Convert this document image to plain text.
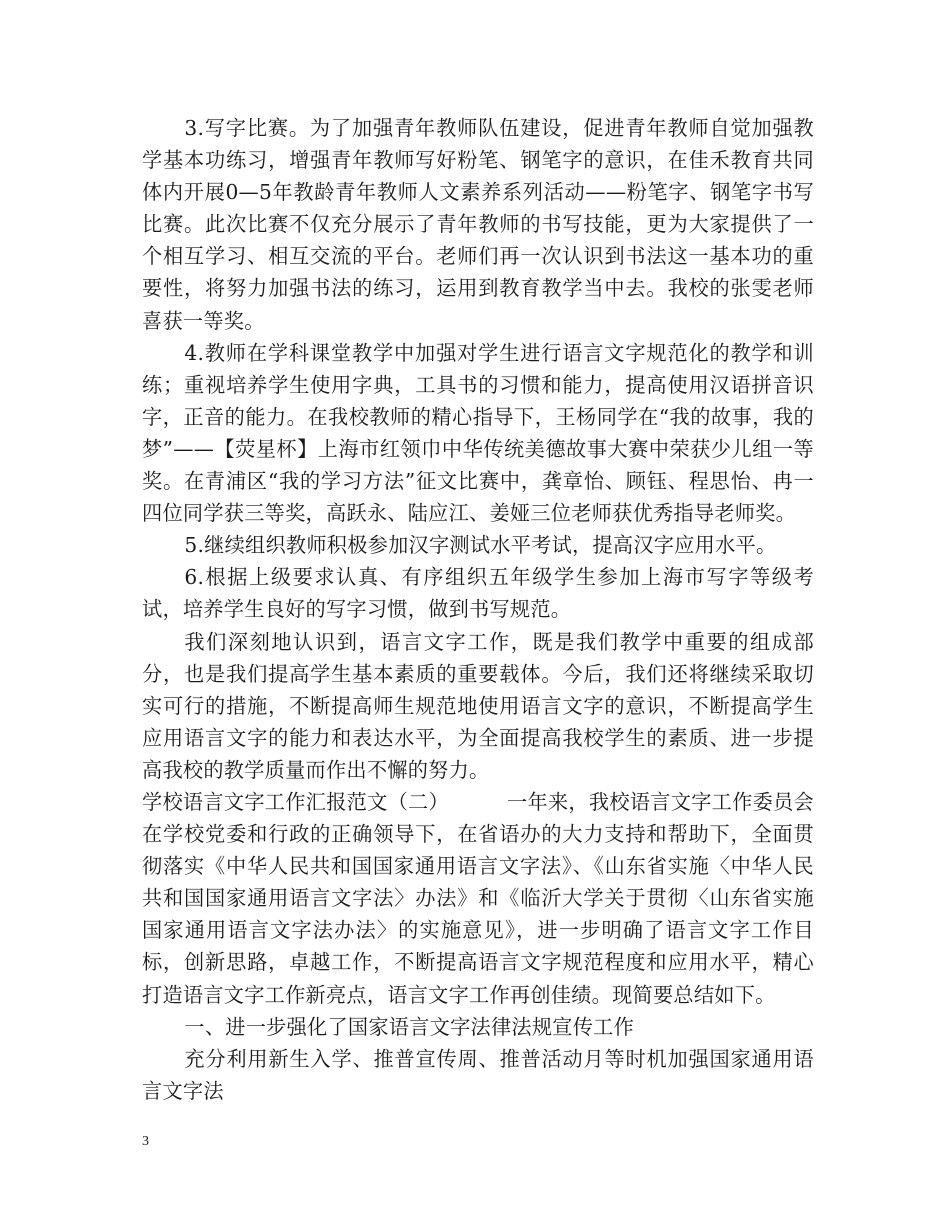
3.写字比赛。为了加强青年教师队伍建设，促进青年教师自觉加强教学基本功练习，增强青年教师写好粉笔、钢笔字的意识，在佳禾教育共同体内开展0—5年教龄青年教师人文素养系列活动——粉笔字、钢笔字书写比赛。此次比赛不仅充分展示了青年教师的书写技能，更为大家提供了一个相互学习、相互交流的平台。老师们再一次认识到书法这一基本功的重要性，将努力加强书法的练习，运用到教育教学当中去。我校的张雯老师喜获一等奖。

4.教师在学科课堂教学中加强对学生进行语言文字规范化的教学和训练；重视培养学生使用字典，工具书的习惯和能力，提高使用汉语拼音识字，正音的能力。在我校教师的精心指导下，王杨同学在“我的故事，我的梦”——【荧星杯】上海市红领巾中华传统美德故事大赛中荣获少儿组一等奖。在青浦区“我的学习方法”征文比赛中，龚章怡、顾钰、程思怡、冉一四位同学获三等奖，高跃永、陆应江、姜娅三位老师获优秀指导老师奖。

5.继续组织教师积极参加汉字测试水平考试，提高汉字应用水平。

6.根据上级要求认真、有序组织五年级学生参加上海市写字等级考试，培养学生良好的写字习惯，做到书写规范。

我们深刻地认识到，语言文字工作，既是我们教学中重要的组成部分，也是我们提高学生基本素质的重要载体。今后，我们还将继续采取切实可行的措施，不断提高师生规范地使用语言文字的意识，不断提高学生应用语言文字的能力和表达水平，为全面提高我校学生的素质、进一步提高我校的教学质量而作出不懈的努力。

学校语言文字工作汇报范文（二）	一年来，我校语言文字工作委员会在学校党委和行政的正确领导下，在省语办的大力支持和帮助下，全面贯彻落实《中华人民共和国国家通用语言文字法》、《山东省实施〈中华人民共和国国家通用语言文字法〉办法》和《临沂大学关于贯彻〈山东省实施国家通用语言文字法办法〉的实施意见》，进一步明确了语言文字工作目标，创新思路，卓越工作，不断提高语言文字规范程度和应用水平，精心打造语言文字工作新亮点，语言文字工作再创佳绩。现简要总结如下。

一、进一步强化了国家语言文字法律法规宣传工作

充分利用新生入学、推普宣传周、推普活动月等时机加强国家通用语言文字法

3
